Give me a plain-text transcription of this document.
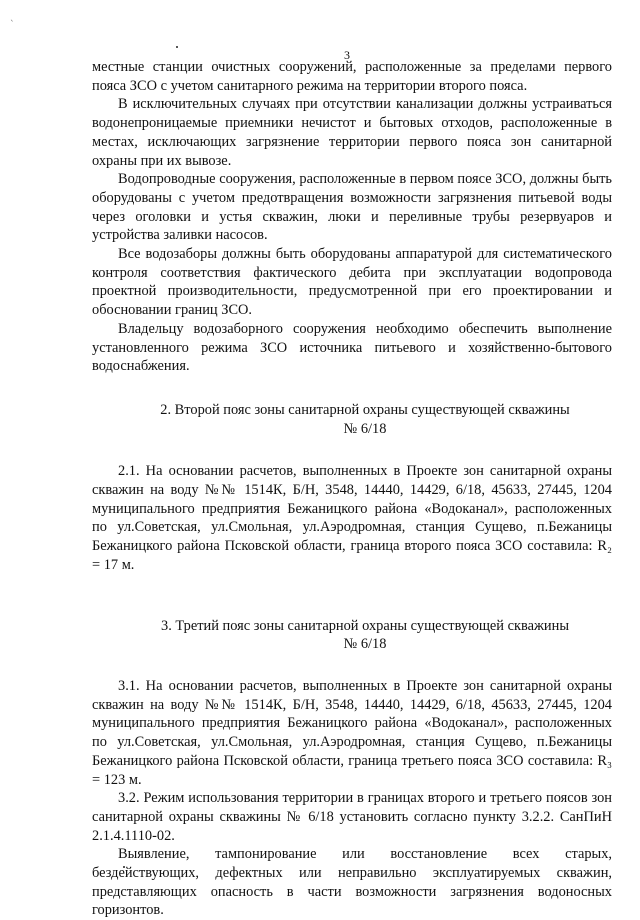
`
3

местные станции очистных сооружений, расположенные за пределами первого пояса ЗСО с учетом санитарного режима на территории второго пояса.

В исключительных случаях при отсутствии канализации должны устраиваться водонепроницаемые приемники нечистот и бытовых отходов, расположенные в местах, исключающих загрязнение территории первого пояса зон санитарной охраны при их вывозе.

Водопроводные сооружения, расположенные в первом поясе ЗСО, должны быть оборудованы с учетом предотвращения возможности загрязнения питьевой воды через оголовки и устья скважин, люки и переливные трубы резервуаров и устройства заливки насосов.

Все водозаборы должны быть оборудованы аппаратурой для систематического контроля соответствия фактического дебита при эксплуатации водопровода проектной производительности, предусмотренной при его проектировании и обосновании границ ЗСО.

Владельцу водозаборного сооружения необходимо обеспечить выполнение установленного режима ЗСО источника питьевого и хозяйственно-бытового водоснабжения.

2. Второй пояс зоны санитарной охраны существующей скважины

№ 6/18

2.1. На основании расчетов, выполненных в Проекте зон санитарной охраны скважин на воду №№ 1514К, Б/Н, 3548, 14440, 14429, 6/18, 45633, 27445, 1204 муниципального предприятия Бежаницкого района «Водоканал», расположенных по ул.Советская, ул.Смольная, ул.Аэродромная, станция Сущево, п.Бежаницы Бежаницкого района Псковской области, граница второго пояса ЗСО составила: R₂ = 17 м.

3. Третий пояс зоны санитарной охраны существующей скважины

№ 6/18

3.1. На основании расчетов, выполненных в Проекте зон санитарной охраны скважин на воду №№ 1514К, Б/Н, 3548, 14440, 14429, 6/18, 45633, 27445, 1204 муниципального предприятия Бежаницкого района «Водоканал», расположенных по ул.Советская, ул.Смольная, ул.Аэродромная, станция Сущево, п.Бежаницы Бежаницкого района Псковской области, граница третьего пояса ЗСО составила: R₃ = 123 м.

3.2. Режим использования территории в границах второго и третьего поясов зон санитарной охраны скважины № 6/18 установить согласно пункту 3.2.2. СанПиН 2.1.4.1110-02.

Выявление, тампонирование или восстановление всех старых, бездействующих, дефектных или неправильно эксплуатируемых скважин, представляющих опасность в части возможности загрязнения водоносных горизонтов.
